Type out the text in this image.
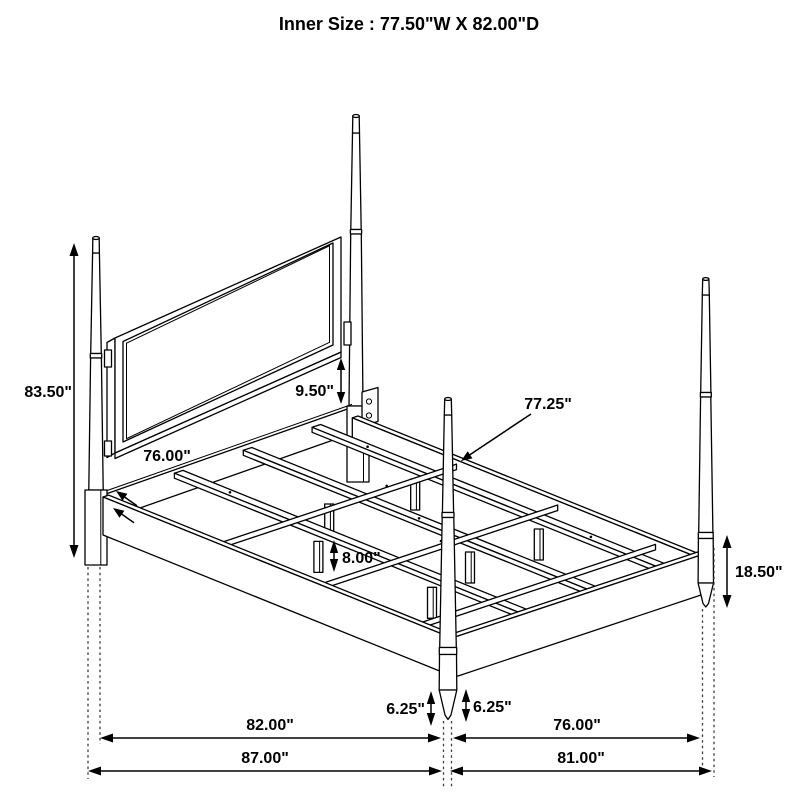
83.50"	9.50"
76.00"
77.25"
8.00"
18.50"
6.25"	6.25"
82.00"	76.00"
87.00"	81.00"
Inner Size : 77.50"W X 82.00"D
